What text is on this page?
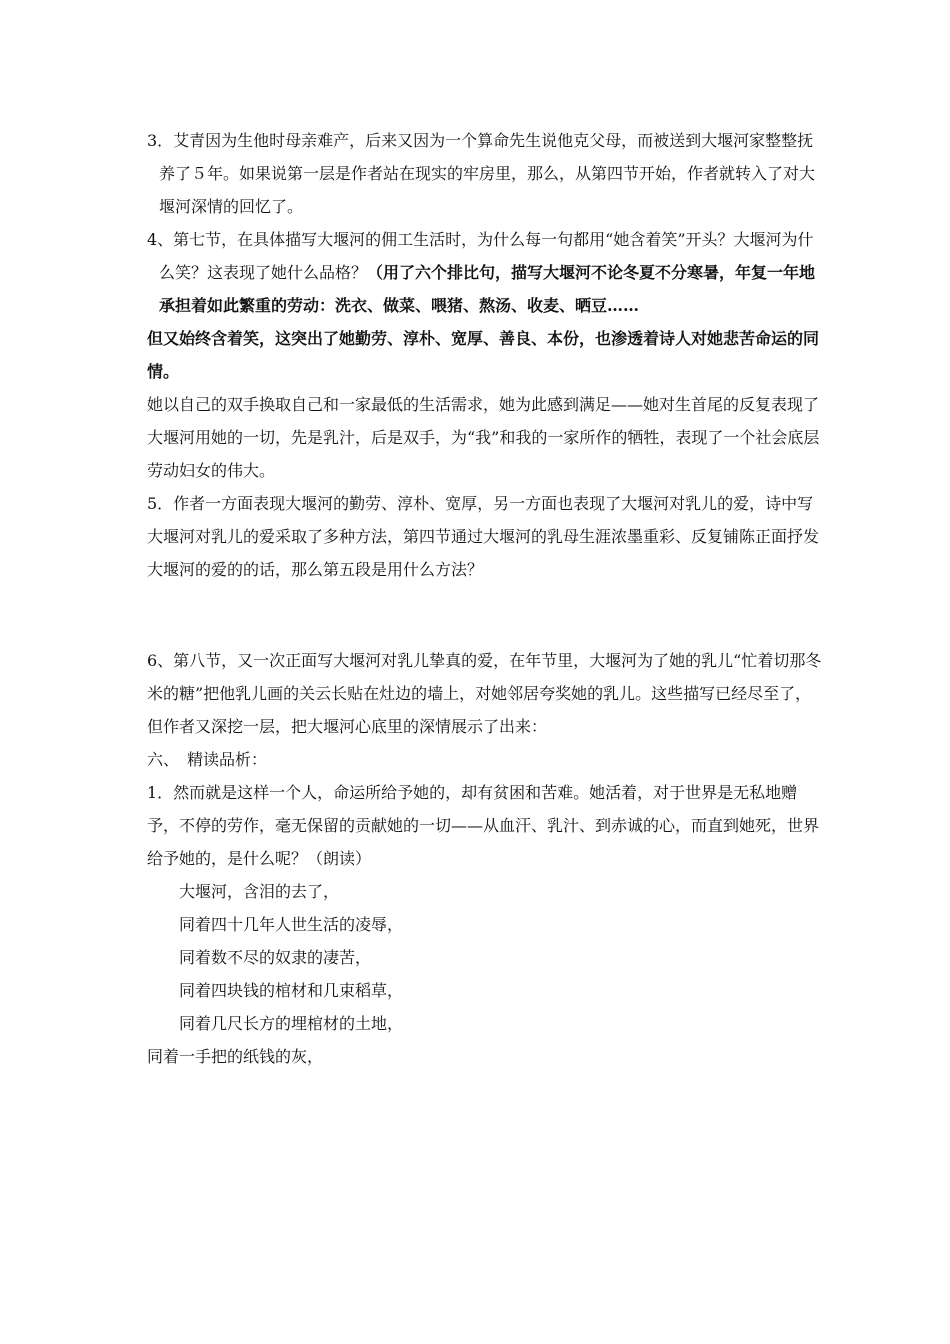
3．艾青因为生他时母亲难产，后来又因为一个算命先生说他克父母，而被送到大堰河家整整抚养了５年。如果说第一层是作者站在现实的牢房里，那么，从第四节开始，作者就转入了对大堰河深情的回忆了。

4、第七节，在具体描写大堰河的佣工生活时，为什么每一句都用“她含着笑”开头？大堰河为什么笑？这表现了她什么品格？（用了六个排比句，描写大堰河不论冬夏不分寒暑，年复一年地承担着如此繁重的劳动：洗衣、做菜、喂猪、熬汤、收麦、晒豆……

但又始终含着笑，这突出了她勤劳、淳朴、宽厚、善良、本份，也渗透着诗人对她悲苦命运的同情。

她以自己的双手换取自己和一家最低的生活需求，她为此感到满足——她对生首尾的反复表现了大堰河用她的一切，先是乳汁，后是双手，为“我”和我的一家所作的牺牲，表现了一个社会底层劳动妇女的伟大。

5．作者一方面表现大堰河的勤劳、淳朴、宽厚，另一方面也表现了大堰河对乳儿的爱，诗中写大堰河对乳儿的爱采取了多种方法，第四节通过大堰河的乳母生涯浓墨重彩、反复铺陈正面抒发大堰河的爱的的话，那么第五段是用什么方法？

6、第八节，又一次正面写大堰河对乳儿挚真的爱，在年节里，大堰河为了她的乳儿“忙着切那冬米的糖”把他乳儿画的关云长贴在灶边的墙上，对她邻居夸奖她的乳儿。这些描写已经尽至了，但作者又深挖一层，把大堰河心底里的深情展示了出来：

六、　精读品析：

1．然而就是这样一个人，命运所给予她的，却有贫困和苦难。她活着，对于世界是无私地赠予，不停的劳作，毫无保留的贡献她的一切——从血汗、乳汁、到赤诚的心，而直到她死，世界给予她的，是什么呢？（朗读）

大堰河，含泪的去了，

同着四十几年人世生活的凌辱，

同着数不尽的奴隶的凄苦，

同着四块钱的棺材和几束稻草，

同着几尺长方的埋棺材的土地，

同着一手把的纸钱的灰，
